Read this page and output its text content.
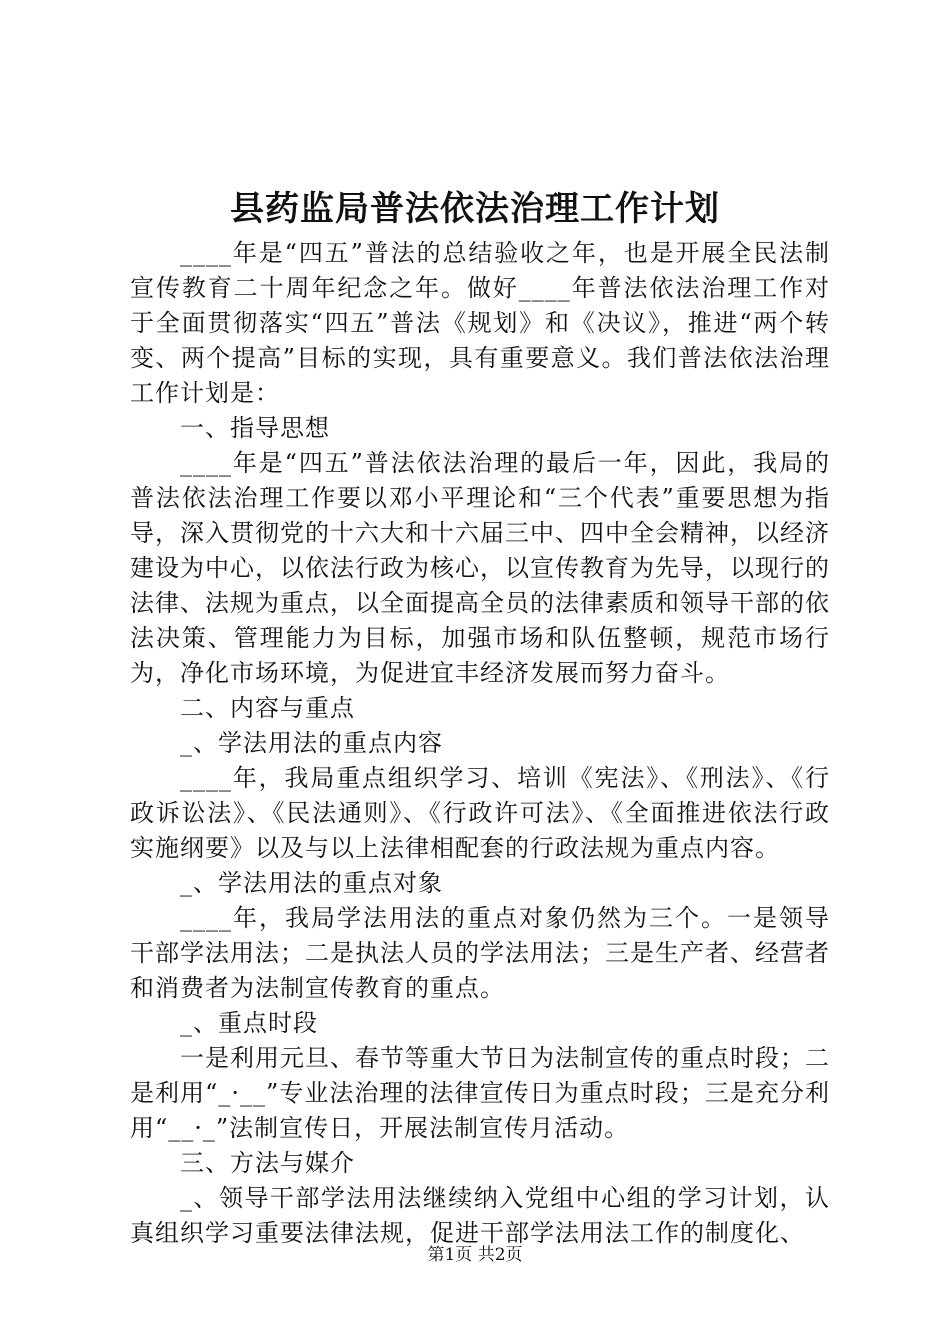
县药监局普法依法治理工作计划

____年是“四五”普法的总结验收之年，也是开展全民法制宣传教育二十周年纪念之年。做好____年普法依法治理工作对于全面贯彻落实“四五”普法《规划》和《决议》，推进“两个转变、两个提高”目标的实现，具有重要意义。我们普法依法治理工作计划是：

一、指导思想

____年是“四五”普法依法治理的最后一年，因此，我局的普法依法治理工作要以邓小平理论和“三个代表”重要思想为指导，深入贯彻党的十六大和十六届三中、四中全会精神，以经济建设为中心，以依法行政为核心，以宣传教育为先导，以现行的法律、法规为重点，以全面提高全员的法律素质和领导干部的依法决策、管理能力为目标，加强市场和队伍整顿，规范市场行为，净化市场环境，为促进宜丰经济发展而努力奋斗。

二、内容与重点

_、学法用法的重点内容

____年，我局重点组织学习、培训《宪法》、《刑法》、《行政诉讼法》、《民法通则》、《行政许可法》、《全面推进依法行政实施纲要》以及与以上法律相配套的行政法规为重点内容。

_、学法用法的重点对象

____年，我局学法用法的重点对象仍然为三个。一是领导干部学法用法；二是执法人员的学法用法；三是生产者、经营者和消费者为法制宣传教育的重点。

_、重点时段

一是利用元旦、春节等重大节日为法制宣传的重点时段；二是利用“_·__”专业法治理的法律宣传日为重点时段；三是充分利用“__·_”法制宣传日，开展法制宣传月活动。

三、方法与媒介

_、领导干部学法用法继续纳入党组中心组的学习计划，认真组织学习重要法律法规，促进干部学法用法工作的制度化、

第1页 共2页
